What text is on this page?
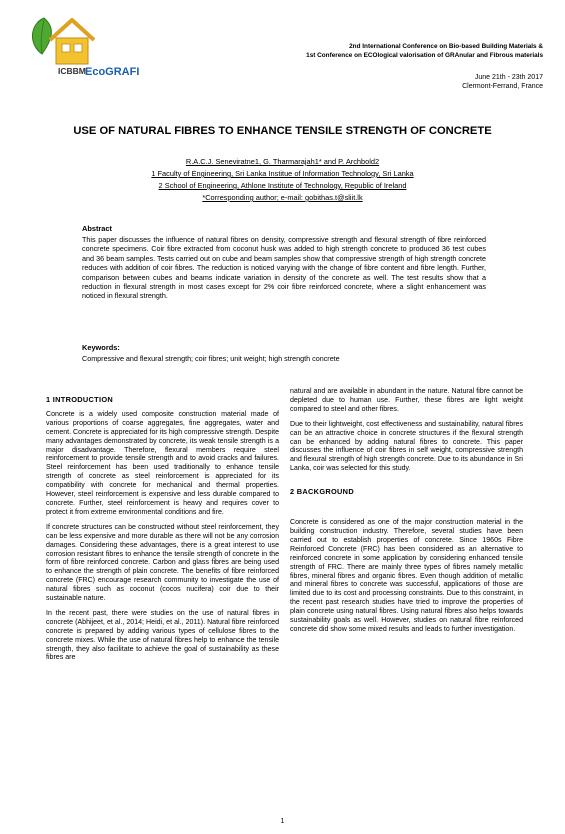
ICBBM EcoGRAFI
2nd International Conference on Bio-based Building Materials &
1st Conference on ECOlogical valorisation of GRAnular and Fibrous materials
June 21th - 23th 2017
Clermont-Ferrand, France
USE OF NATURAL FIBRES TO ENHANCE TENSILE STRENGTH OF CONCRETE
R.A.C.J. Seneviratne1, G. Tharmarajah1* and P. Archbold2
1 Faculty of Engineering, Sri Lanka Institue of Information Technology, Sri Lanka
2 School of Engineering, Athlone Institute of Technology, Republic of Ireland
*Corresponding author; e-mail: gobithas.t@sliit.lk
Abstract
This paper discusses the influence of natural fibres on density, compressive strength and flexural strength of fibre reinforced concrete specimens. Coir fibre extracted from coconut husk was added to high strength concrete to produced 36 test cubes and 36 beam samples. Tests carried out on cube and beam samples show that compressive strength of high strength concrete reduces with addition of coir fibres. The reduction is noticed varying with the change of fibre content and fibre length. Further, comparison between cubes and beams indicate variation in density of the concrete as well. The test results show that a reduction in flexural strength in most cases except for 2% coir fibre reinforced concrete, where a slight enhancement was noticed in flexural strength.
Keywords:
Compressive and flexural strength; coir fibres; unit weight; high strength concrete
1 INTRODUCTION

Concrete is a widely used composite construction material made of various proportions of coarse aggregates, fine aggregates, water and cement. Concrete is appreciated for its high compressive strength. Despite many advantages demonstrated by concrete, its weak tensile strength is a major disadvantage. Therefore, flexural members require steel reinforcement to provide tensile strength and to avoid cracks and failures. Steel reinforcement has been used traditionally to enhance tensile strength of concrete as steel reinforcement is appreciated for its compatibility with concrete for mechanical and thermal properties. However, steel reinforcement is expensive and less durable compared to concrete. Further, steel reinforcement is heavy and requires cover to protect it from extreme environmental conditions and fire.

If concrete structures can be constructed without steel reinforcement, they can be less expensive and more durable as there will not be any corrosion damages. Considering these advantages, there is a great interest to use corrosion resistant fibres to enhance the tensile strength of concrete in the form of fibre reinforced concrete. Carbon and glass fibres are being used to enhance the strength of plain concrete. The benefits of fibre reinforced concrete (FRC) encourage research community to investigate the use of natural fibres such as coconut (cocos nucifera) coir due to their sustainable nature.

In the recent past, there were studies on the use of natural fibres in concrete (Abhijeet, et al., 2014; Heidi, et al., 2011). Natural fibre reinforced concrete is prepared by adding various types of cellulose fibres to the concrete mixes. While the use of natural fibres help to enhance the tensile strength, they also facilitate to achieve the goal of sustainability as these fibres are

natural and are available in abundant in the nature. Natural fibre cannot be depleted due to human use. Further, these fibres are light weight compared to steel and other fibres.

Due to their lightweight, cost effectiveness and sustainability, natural fibres can be an attractive choice in concrete structures if the flexural strength can be enhanced by adding natural fibres to concrete. This paper discusses the influence of coir fibres in self weight, compressive strength and flexural strength of high strength concrete. Due to its abundance in Sri Lanka, coir was selected for this study.

2 BACKGROUND

Concrete is considered as one of the major construction material in the building construction industry. Therefore, several studies have been carried out to establish properties of concrete. Since 1960s Fibre Reinforced Concrete (FRC) has been considered as an alternative to reinforced concrete in some application by considering enhanced tensile strength of FRC. There are mainly three types of fibres namely metallic fibres, mineral fibres and organic fibres. Even though addition of metallic and mineral fibres to concrete was successful, applications of those are limited due to its cost and processing constraints. Due to this constraint, in the recent past research studies have tried to improve the properties of plain concrete using natural fibres. Using natural fibres also helps towards sustainability goals as well. However, studies on natural fibre reinforced concrete did show some mixed results and leads to further investigation.

1
